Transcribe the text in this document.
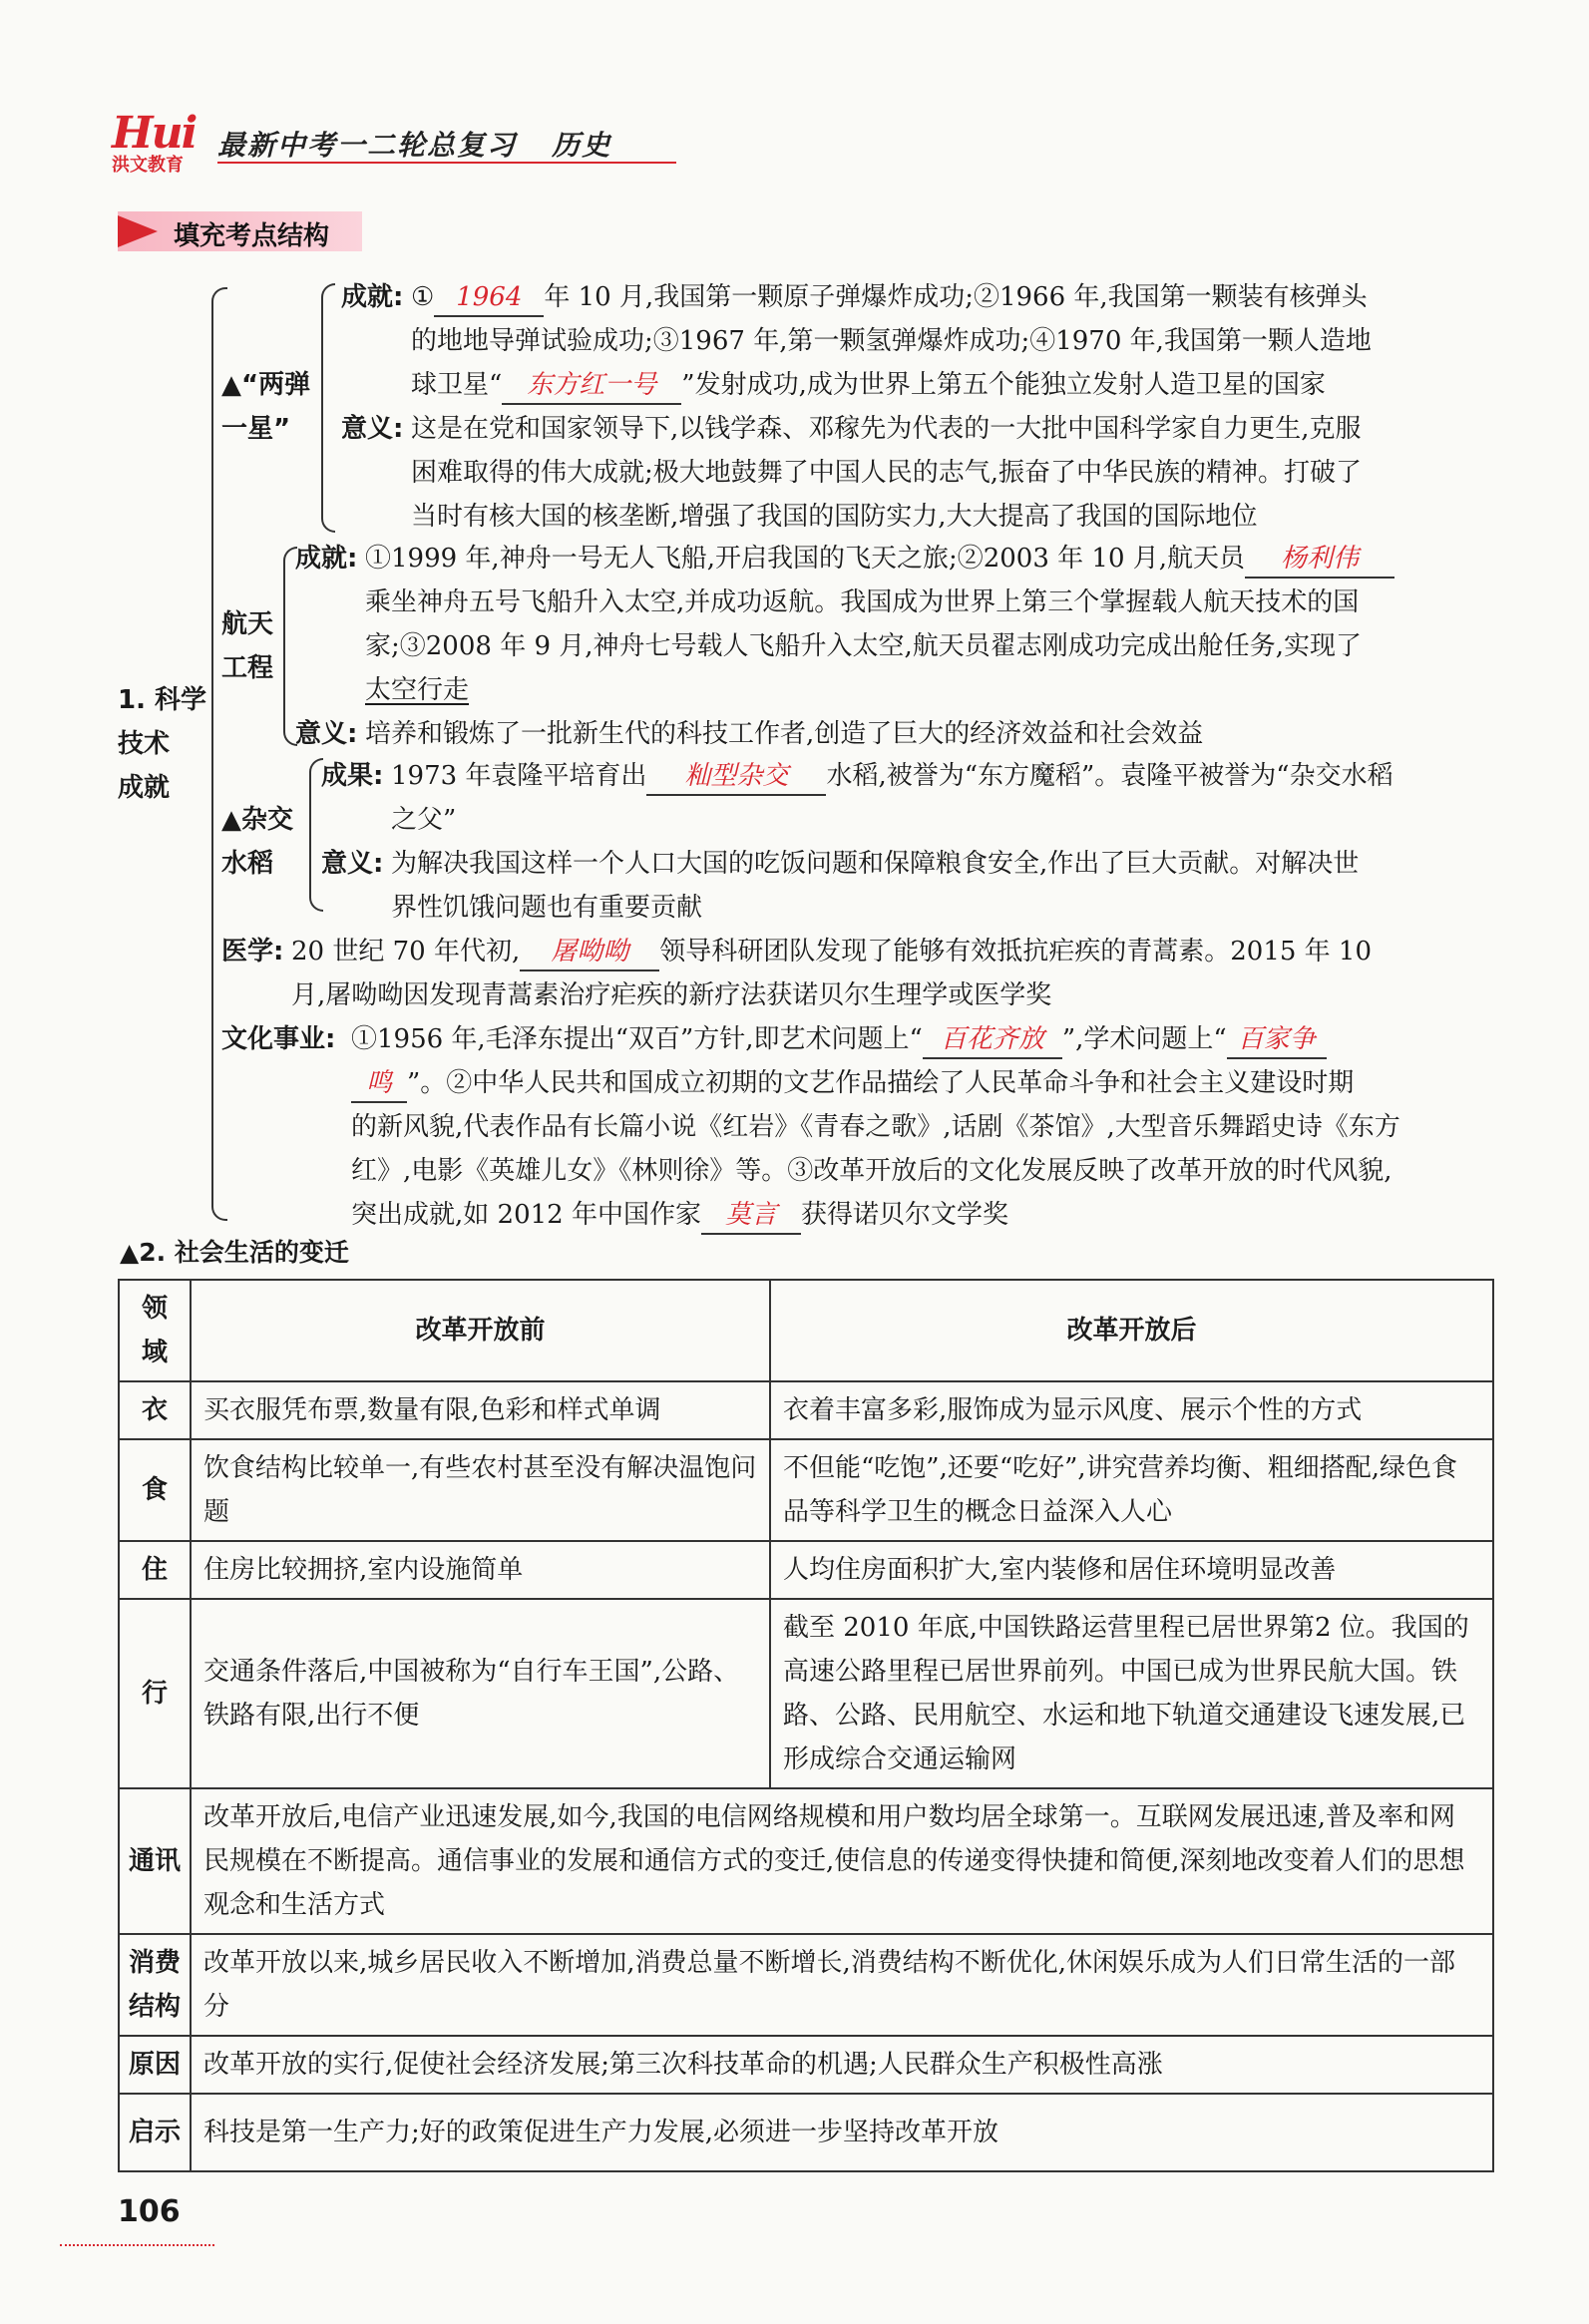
Hui
洪文教育
最新中考一二轮总复习 历史
填充考点结构
1. 科学
技术
成就
▲“两弹
一星”
成就: ① 1964 年 10 月,我国第一颗原子弹爆炸成功;②1966 年,我国第一颗装有核弹头
的地地导弹试验成功;③1967 年,第一颗氢弹爆炸成功;④1970 年,我国第一颗人造地
球卫星“ 东方红一号 ”发射成功,成为世界上第五个能独立发射人造卫星的国家
意义: 这是在党和国家领导下,以钱学森、邓稼先为代表的一大批中国科学家自力更生,克服
困难取得的伟大成就;极大地鼓舞了中国人民的志气,振奋了中华民族的精神。打破了
当时有核大国的核垄断,增强了我国的国防实力,大大提高了我国的国际地位
航天
工程
成就: ①1999 年,神舟一号无人飞船,开启我国的飞天之旅;②2003 年 10 月,航天员 杨利伟
乘坐神舟五号飞船升入太空,并成功返航。我国成为世界上第三个掌握载人航天技术的国
家;③2008 年 9 月,神舟七号载人飞船升入太空,航天员翟志刚成功完成出舱任务,实现了
太空行走
意义: 培养和锻炼了一批新生代的科技工作者,创造了巨大的经济效益和社会效益
▲杂交
水稻
成果: 1973 年袁隆平培育出 籼型杂交 水稻,被誉为“东方魔稻”。袁隆平被誉为“杂交水稻
之父”
意义: 为解决我国这样一个人口大国的吃饭问题和保障粮食安全,作出了巨大贡献。对解决世
界性饥饿问题也有重要贡献
医学: 20 世纪 70 年代初, 屠呦呦 领导科研团队发现了能够有效抵抗疟疾的青蒿素。2015 年 10
月,屠呦呦因发现青蒿素治疗疟疾的新疗法获诺贝尔生理学或医学奖
文化事业: ①1956 年,毛泽东提出“双百”方针,即艺术问题上“ 百花齐放 ”,学术问题上“ 百家争
鸣 ”。②中华人民共和国成立初期的文艺作品描绘了人民革命斗争和社会主义建设时期
的新风貌,代表作品有长篇小说《红岩》《青春之歌》,话剧《茶馆》,大型音乐舞蹈史诗《东方
红》,电影《英雄儿女》《林则徐》等。③改革开放后的文化发展反映了改革开放的时代风貌,
突出成就,如 2012 年中国作家 莫言 获得诺贝尔文学奖
▲2. 社会生活的变迁
领域	改革开放前	改革开放后
衣	买衣服凭布票,数量有限,色彩和样式单调	衣着丰富多彩,服饰成为显示风度、展示个性的方式
食	饮食结构比较单一,有些农村甚至没有解决温饱问题	不但能“吃饱”,还要“吃好”,讲究营养均衡、粗细搭配,绿色食品等科学卫生的概念日益深入人心
住	住房比较拥挤,室内设施简单	人均住房面积扩大,室内装修和居住环境明显改善
行	交通条件落后,中国被称为“自行车王国”,公路、铁路有限,出行不便	截至 2010 年底,中国铁路运营里程已居世界第2 位。我国的高速公路里程已居世界前列。中国已成为世界民航大国。铁路、公路、民用航空、水运和地下轨道交通建设飞速发展,已形成综合交通运输网
通讯	改革开放后,电信产业迅速发展,如今,我国的电信网络规模和用户数均居全球第一。互联网发展迅速,普及率和网民规模在不断提高。通信事业的发展和通信方式的变迁,使信息的传递变得快捷和简便,深刻地改变着人们的思想观念和生活方式	
消费结构	改革开放以来,城乡居民收入不断增加,消费总量不断增长,消费结构不断优化,休闲娱乐成为人们日常生活的一部分	
原因	改革开放的实行,促使社会经济发展;第三次科技革命的机遇;人民群众生产积极性高涨	
启示	科技是第一生产力;好的政策促进生产力发展,必须进一步坚持改革开放	
106
